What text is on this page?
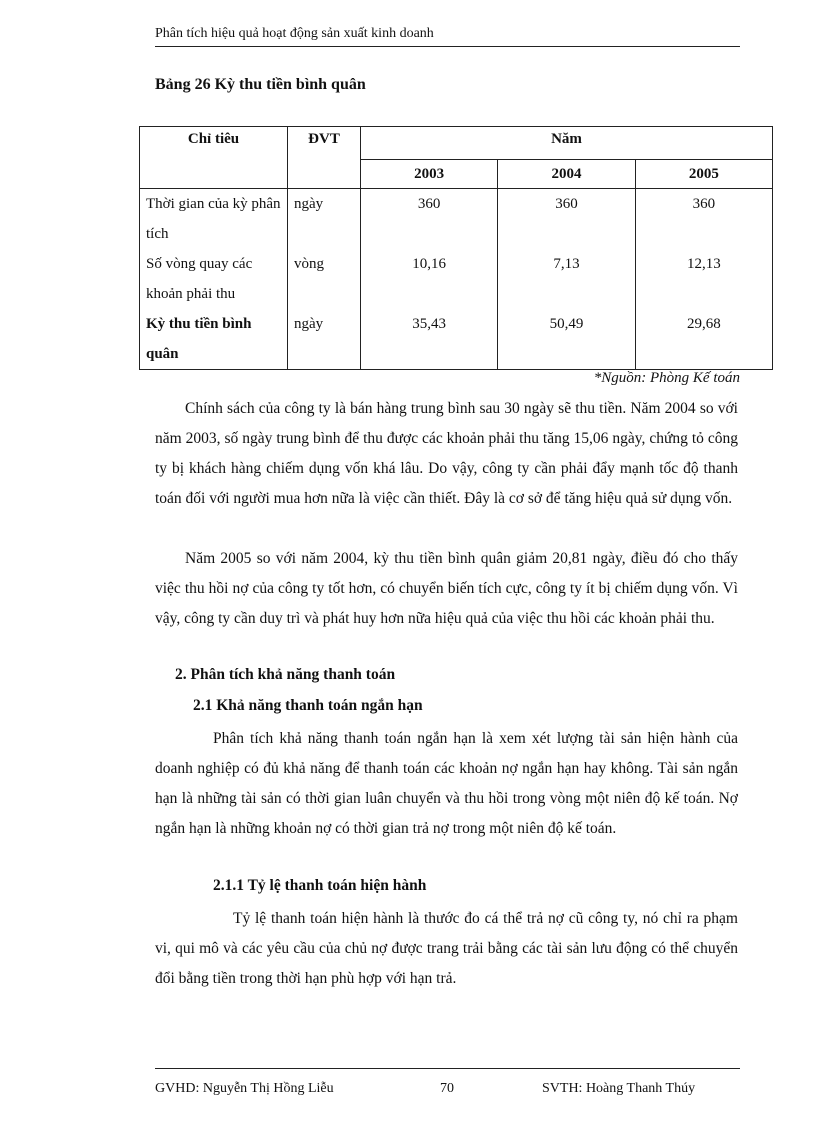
Phân tích hiệu quả hoạt động sản xuất kinh doanh
Bảng 26 Kỳ thu tiền bình quân
Chỉ tiêu	ĐVT	Năm		
		2003	2004	2005
Thời gian của kỳ phân tích	ngày	360	360	360
Số vòng quay các khoản phải thu	vòng	10,16	7,13	12,13
Kỳ thu tiền bình quân	ngày	35,43	50,49	29,68
*Nguồn: Phòng Kế toán

Chính sách của công ty là bán hàng trung bình sau 30 ngày sẽ thu tiền. Năm 2004 so với năm 2003, số ngày trung bình để thu được các khoản phải thu tăng 15,06 ngày, chứng tỏ công ty bị khách hàng chiếm dụng vốn khá lâu. Do vậy, công ty cần phải đẩy mạnh tốc độ thanh toán đối với người mua hơn nữa là việc cần thiết. Đây là cơ sở để tăng hiệu quả sử dụng vốn.

Năm 2005 so với năm 2004, kỳ thu tiền bình quân giảm 20,81 ngày, điều đó cho thấy việc thu hồi nợ của công ty tốt hơn, có chuyển biến tích cực, công ty ít bị chiếm dụng vốn. Vì vậy, công ty cần duy trì và phát huy hơn nữa hiệu quả của việc thu hồi các khoản phải thu.

2. Phân tích khả năng thanh toán
2.1 Khả năng thanh toán ngắn hạn

Phân tích khả năng thanh toán ngắn hạn là xem xét lượng tài sản hiện hành của doanh nghiệp có đủ khả năng để thanh toán các khoản nợ ngắn hạn hay không. Tài sản ngắn hạn là những tài sản có thời gian luân chuyển và thu hồi trong vòng một niên độ kế toán. Nợ ngắn hạn là những khoản nợ có thời gian trả nợ trong một niên độ kế toán.

2.1.1 Tỷ lệ thanh toán hiện hành

Tỷ lệ thanh toán hiện hành là thước đo cá thể trả nợ cũ công ty, nó chỉ ra phạm vi, qui mô và các yêu cầu của chủ nợ được trang trải bằng các tài sản lưu động có thể chuyển đổi bằng tiền trong thời hạn phù hợp với hạn trả.

GVHD: Nguyễn Thị Hồng Liễu	70	SVTH: Hoàng Thanh Thúy
